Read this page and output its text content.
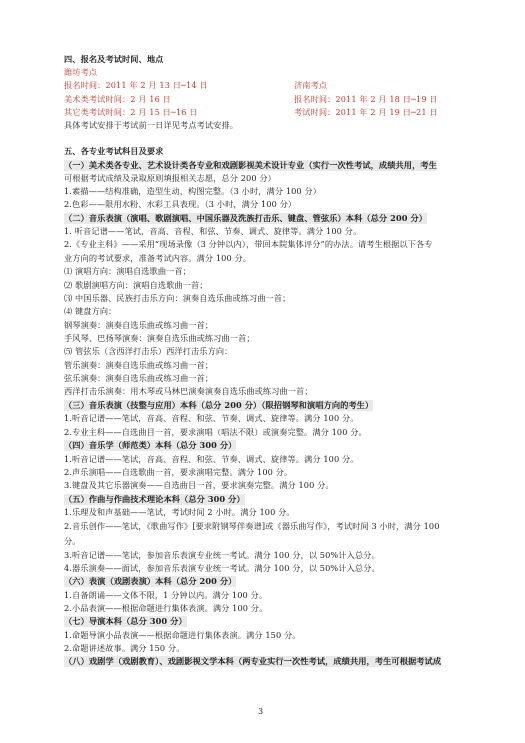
四、报名及考试时间、地点
潍坊考点
报名时间：2011 年 2 月 13 日─14 日	济南考点
美术类考试时间：2 月 16 日	报名时间：2011 年 2 月 18 日─19 日
其它类考试时间：2 月 15 日─16 日	考试时间：2011 年 2 月 19 日─21 日
具体考试安排于考试前一日详见考点考试安排。
五、各专业考试科目及要求
（一）美术类各专业、艺术设计类各专业和戏剧影视美术设计专业（实行一次性考试，成绩共用，考生
可根据考试成绩及录取原则填报相关志愿，总分 200 分）
1.素描——结构准确，造型生动，构图完整。（3 小时，满分 100 分）
2.色彩——限用水粉、水彩工具表现。（3 小时，满分 100 分）
（二）音乐表演（演唱、歌剧演唱、中国乐器及洗族打击乐、键盘、管弦乐）本科（总分 200 分）
1. 听音记谱——笔试，音高、音程、和弦、节奏、调式、旋律等。满分 100 分。
2.《专业主科》——采用“现场录像（3 分钟以内），带回本院集体评分”的办法。请考生根据以下各专
业方向的考试要求，准备考试内容。满分 100 分。
⑴ 演唱方向：演唱自选歌曲一首；
⑵ 歌剧演唱方向：演唱自选歌曲一首；
⑶ 中国乐器、民族打击乐方向：演奏自选乐曲或练习曲一首；
⑷ 键盘方向：
钢琴演奏：演奏自选乐曲或练习曲一首；
手风琴、巴扬琴演奏：演奏自选乐曲或练习曲一首；
⑸ 管弦乐（含西洋打击乐）西洋打击乐方向：
管乐演奏：演奏自选乐曲或练习曲一首；
弦乐演奏：演奏自选乐曲或练习曲一首；
西洋打击乐演奏：用木琴或马林巴演奏演奏自选乐曲或练习曲一首；
（三）音乐表演（技整与应用）本科（总分 200 分）（限招钢琴和演唱方向的考生）
1.听音记谱——笔试，音高、音程、和弦、节奏、调式、旋律等。满分 100 分。
2.专业主科——自选曲目一首，要求演唱（唱法不限）或演奏完整。满分 100 分。
（四）音乐学（师范类）本科（总分 300 分）
1.听音记谱——笔试，音高、音程、和弦、节奏、调式、旋律等。满分 100 分。
2.声乐演唱——自选歌曲一首，要求演唱完整。满分 100 分。
3.键盘及其它乐器演奏——自选曲目一首，要求演奏完整。满分 100 分。
（五）作曲与作曲技术理论本科（总分 300 分）
1.乐理及和声基础——笔试，考试时间 2 小时。满分 100 分。
2.音乐创作——笔试，《歌曲写作》[要求附钢琴伴奏谱]或《器乐曲写作》，考试时间 3 小时，满分 100
分。
3.听音记谱——笔试，参加音乐表演专业统一考试。满分 100 分，以 50%计入总分。
4.器乐演奏——面试，参加音乐表演专业统一考试。满分 100 分，以 50%计入总分。
（六）表演（戏剧表演）本科（总分 200 分）
1.自备朗诵——文体不限，1 分钟以内。满分 100 分。
2.小品表演——根据命题进行集体表演。满分 100 分。
（七）导演本科（总分 300 分）
1.命题导演小品表演——根据命题进行集体表演。满分 150 分。
2.命题讲述故事。满分 150 分。
（八）戏剧学（戏剧教育）、戏剧影视文学本科（两专业实行一次性考试，成绩共用，考生可根据考试成
3
